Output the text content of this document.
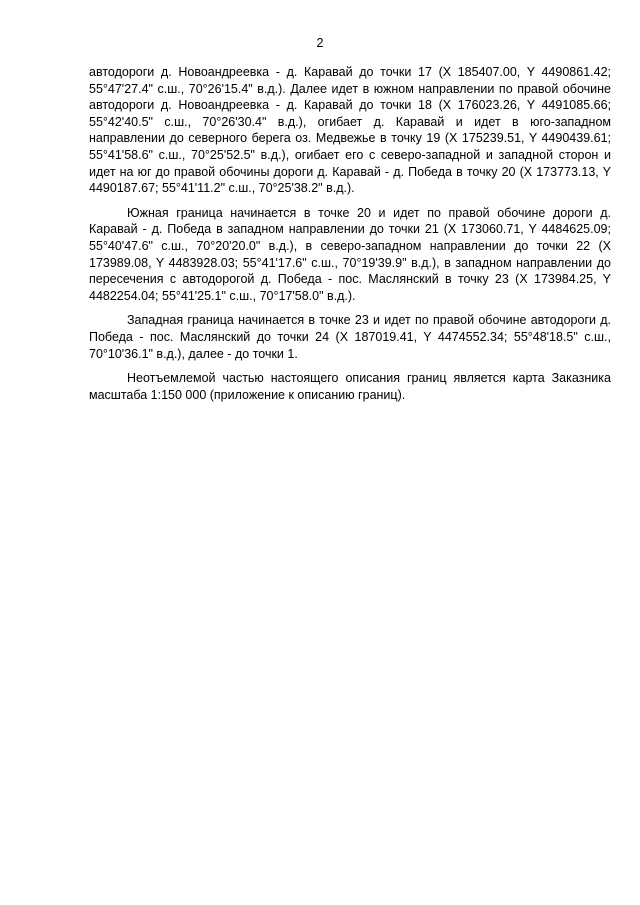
2

автодороги д. Новоандреевка - д. Каравай до точки 17 (X 185407.00, Y 4490861.42; 55°47'27.4" с.ш., 70°26'15.4" в.д.). Далее идет в южном направлении по правой обочине автодороги д. Новоандреевка - д. Каравай до точки 18 (X 176023.26, Y 4491085.66; 55°42'40.5" с.ш., 70°26'30.4" в.д.), огибает д. Каравай и идет в юго-западном направлении до северного берега оз. Медвежье в точку 19 (X 175239.51, Y 4490439.61; 55°41'58.6" с.ш., 70°25'52.5" в.д.), огибает его с северо-западной и западной сторон и идет на юг до правой обочины дороги д. Каравай - д. Победа в точку 20 (X 173773.13, Y 4490187.67; 55°41'11.2" с.ш., 70°25'38.2" в.д.).

Южная граница начинается в точке 20 и идет по правой обочине дороги д. Каравай - д. Победа в западном направлении до точки 21 (X 173060.71, Y 4484625.09; 55°40'47.6" с.ш., 70°20'20.0" в.д.), в северо-западном направлении до точки 22 (X 173989.08, Y 4483928.03; 55°41'17.6" с.ш., 70°19'39.9" в.д.), в западном направлении до пересечения с автодорогой д. Победа - пос. Маслянский в точку 23 (X 173984.25, Y 4482254.04; 55°41'25.1" с.ш., 70°17'58.0" в.д.).

Западная граница начинается в точке 23 и идет по правой обочине автодороги д. Победа - пос. Маслянский до точки 24 (X 187019.41, Y 4474552.34; 55°48'18.5" с.ш., 70°10'36.1" в.д.), далее - до точки 1.

Неотъемлемой частью настоящего описания границ является карта Заказника масштаба 1:150 000 (приложение к описанию границ).
